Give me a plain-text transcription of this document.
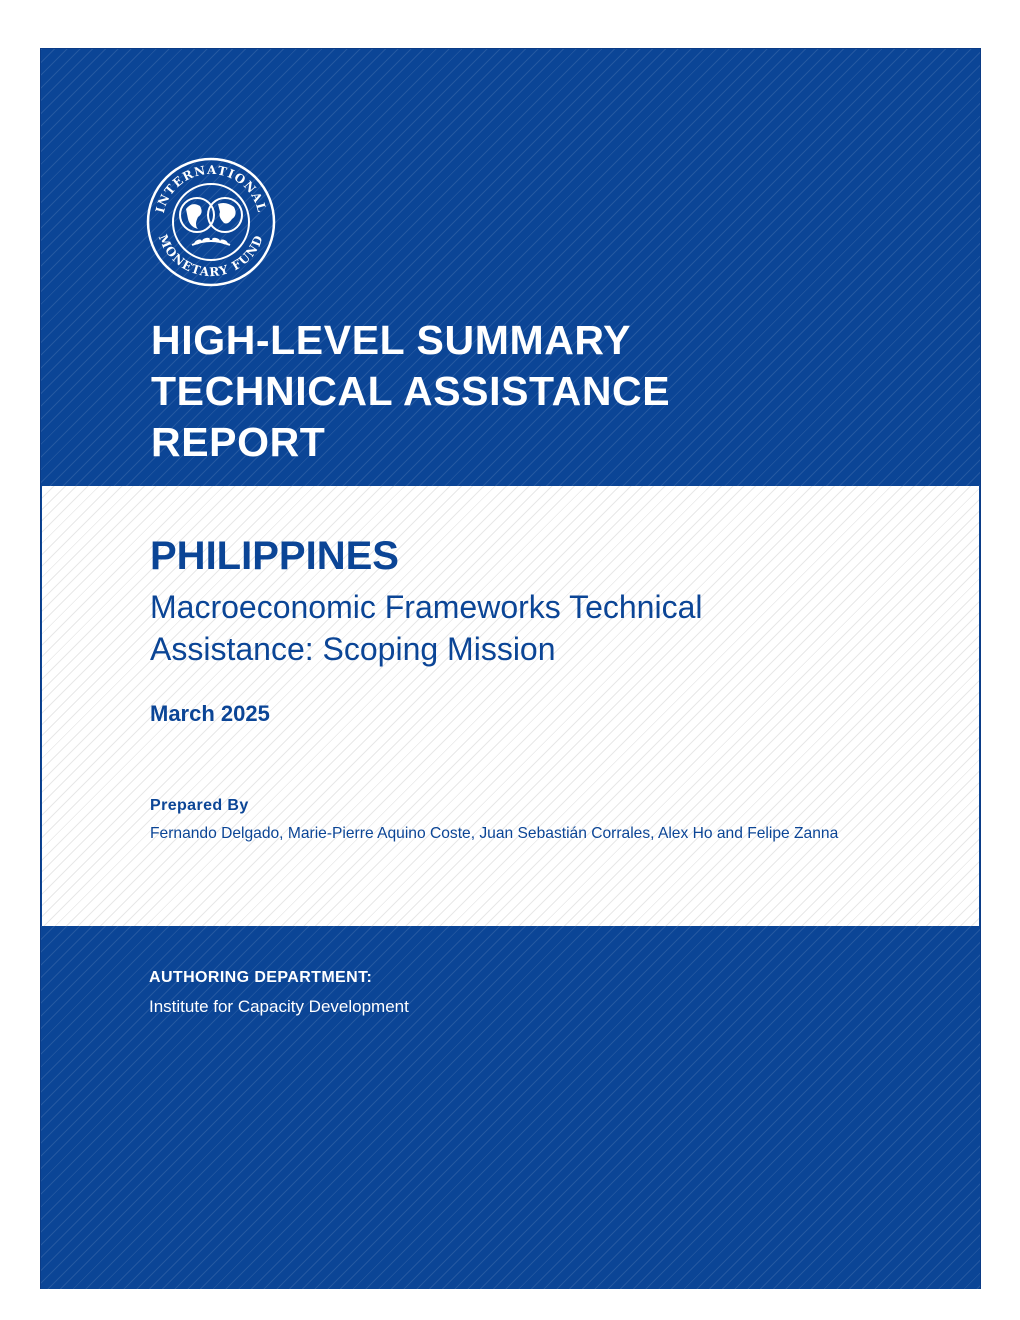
INTERNATIONAL
MONETARY FUND
HIGH-LEVEL SUMMARY
TECHNICAL ASSISTANCE
REPORT
PHILIPPINES

Macroeconomic Frameworks Technical
Assistance: Scoping Mission

March 2025
Prepared By
Fernando Delgado, Marie-Pierre Aquino Coste, Juan Sebastián Corrales, Alex Ho and Felipe Zanna
AUTHORING DEPARTMENT:
Institute for Capacity Development
